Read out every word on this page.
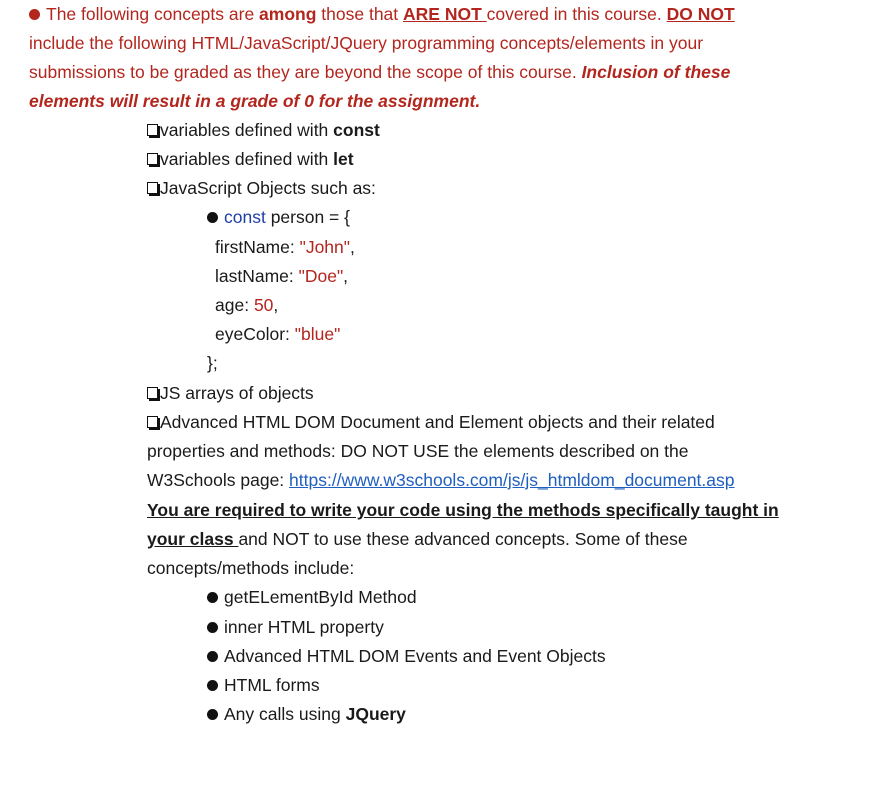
The following concepts are among those that ARE NOT covered in this course. DO NOT
include the following HTML/JavaScript/JQuery programming concepts/elements in your
submissions to be graded as they are beyond the scope of this course. Inclusion of these
elements will result in a grade of 0 for the assignment.
variables defined with const
variables defined with let
JavaScript Objects such as:
const person = {
firstName: "John",
lastName: "Doe",
age: 50,
eyeColor: "blue"
};
JS arrays of objects
Advanced HTML DOM Document and Element objects and their related
properties and methods: DO NOT USE the elements described on the
W3Schools page: https://www.w3schools.com/js/js_htmldom_document.asp
You are required to write your code using the methods specifically taught in
your class and NOT to use these advanced concepts. Some of these
concepts/methods include:
getELementById Method
inner HTML property
Advanced HTML DOM Events and Event Objects
HTML forms
Any calls using JQuery
